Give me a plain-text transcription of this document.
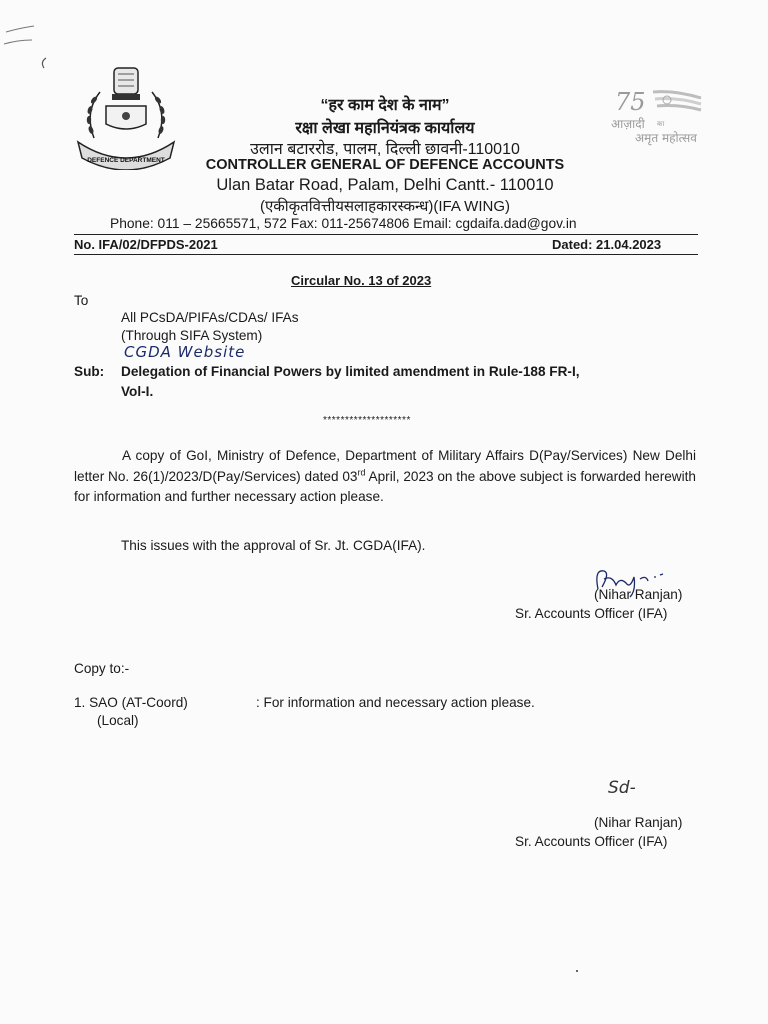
DEFENCE DEPARTMENT
75
आज़ादी का
अमृत महोत्सव
“हर काम देश के नाम”
रक्षा लेखा महानियंत्रक कार्यालय
उलान बटाररोड, पालम, दिल्ली छावनी-110010
CONTROLLER GENERAL OF DEFENCE ACCOUNTS
Ulan Batar Road, Palam, Delhi Cantt.- 110010
(एकीकृतवित्तीयसलाहकारस्कन्ध)(IFA WING)
Phone: 011 – 25665571, 572 Fax: 011-25674806 Email: cgdaifa.dad@gov.in
No. IFA/02/DFPDS-2021	Dated: 21.04.2023
Circular No. 13 of 2023
To
All PCsDA/PIFAs/CDAs/ IFAs
(Through SIFA System)
CGDA Website
Sub: Delegation of Financial Powers by limited amendment in Rule-188 FR-I,
Vol-I.
********************
A copy of GoI, Ministry of Defence, Department of Military Affairs D(Pay/Services) New Delhi letter No. 26(1)/2023/D(Pay/Services) dated 03rd April, 2023 on the above subject is forwarded herewith for information and further necessary action please.
This issues with the approval of Sr. Jt. CGDA(IFA).
(Nihar Ranjan)
Sr. Accounts Officer (IFA)
Copy to:-
1. SAO (AT-Coord)
(Local)
: For information and necessary action please.
Sd-
(Nihar Ranjan)
Sr. Accounts Officer (IFA)
